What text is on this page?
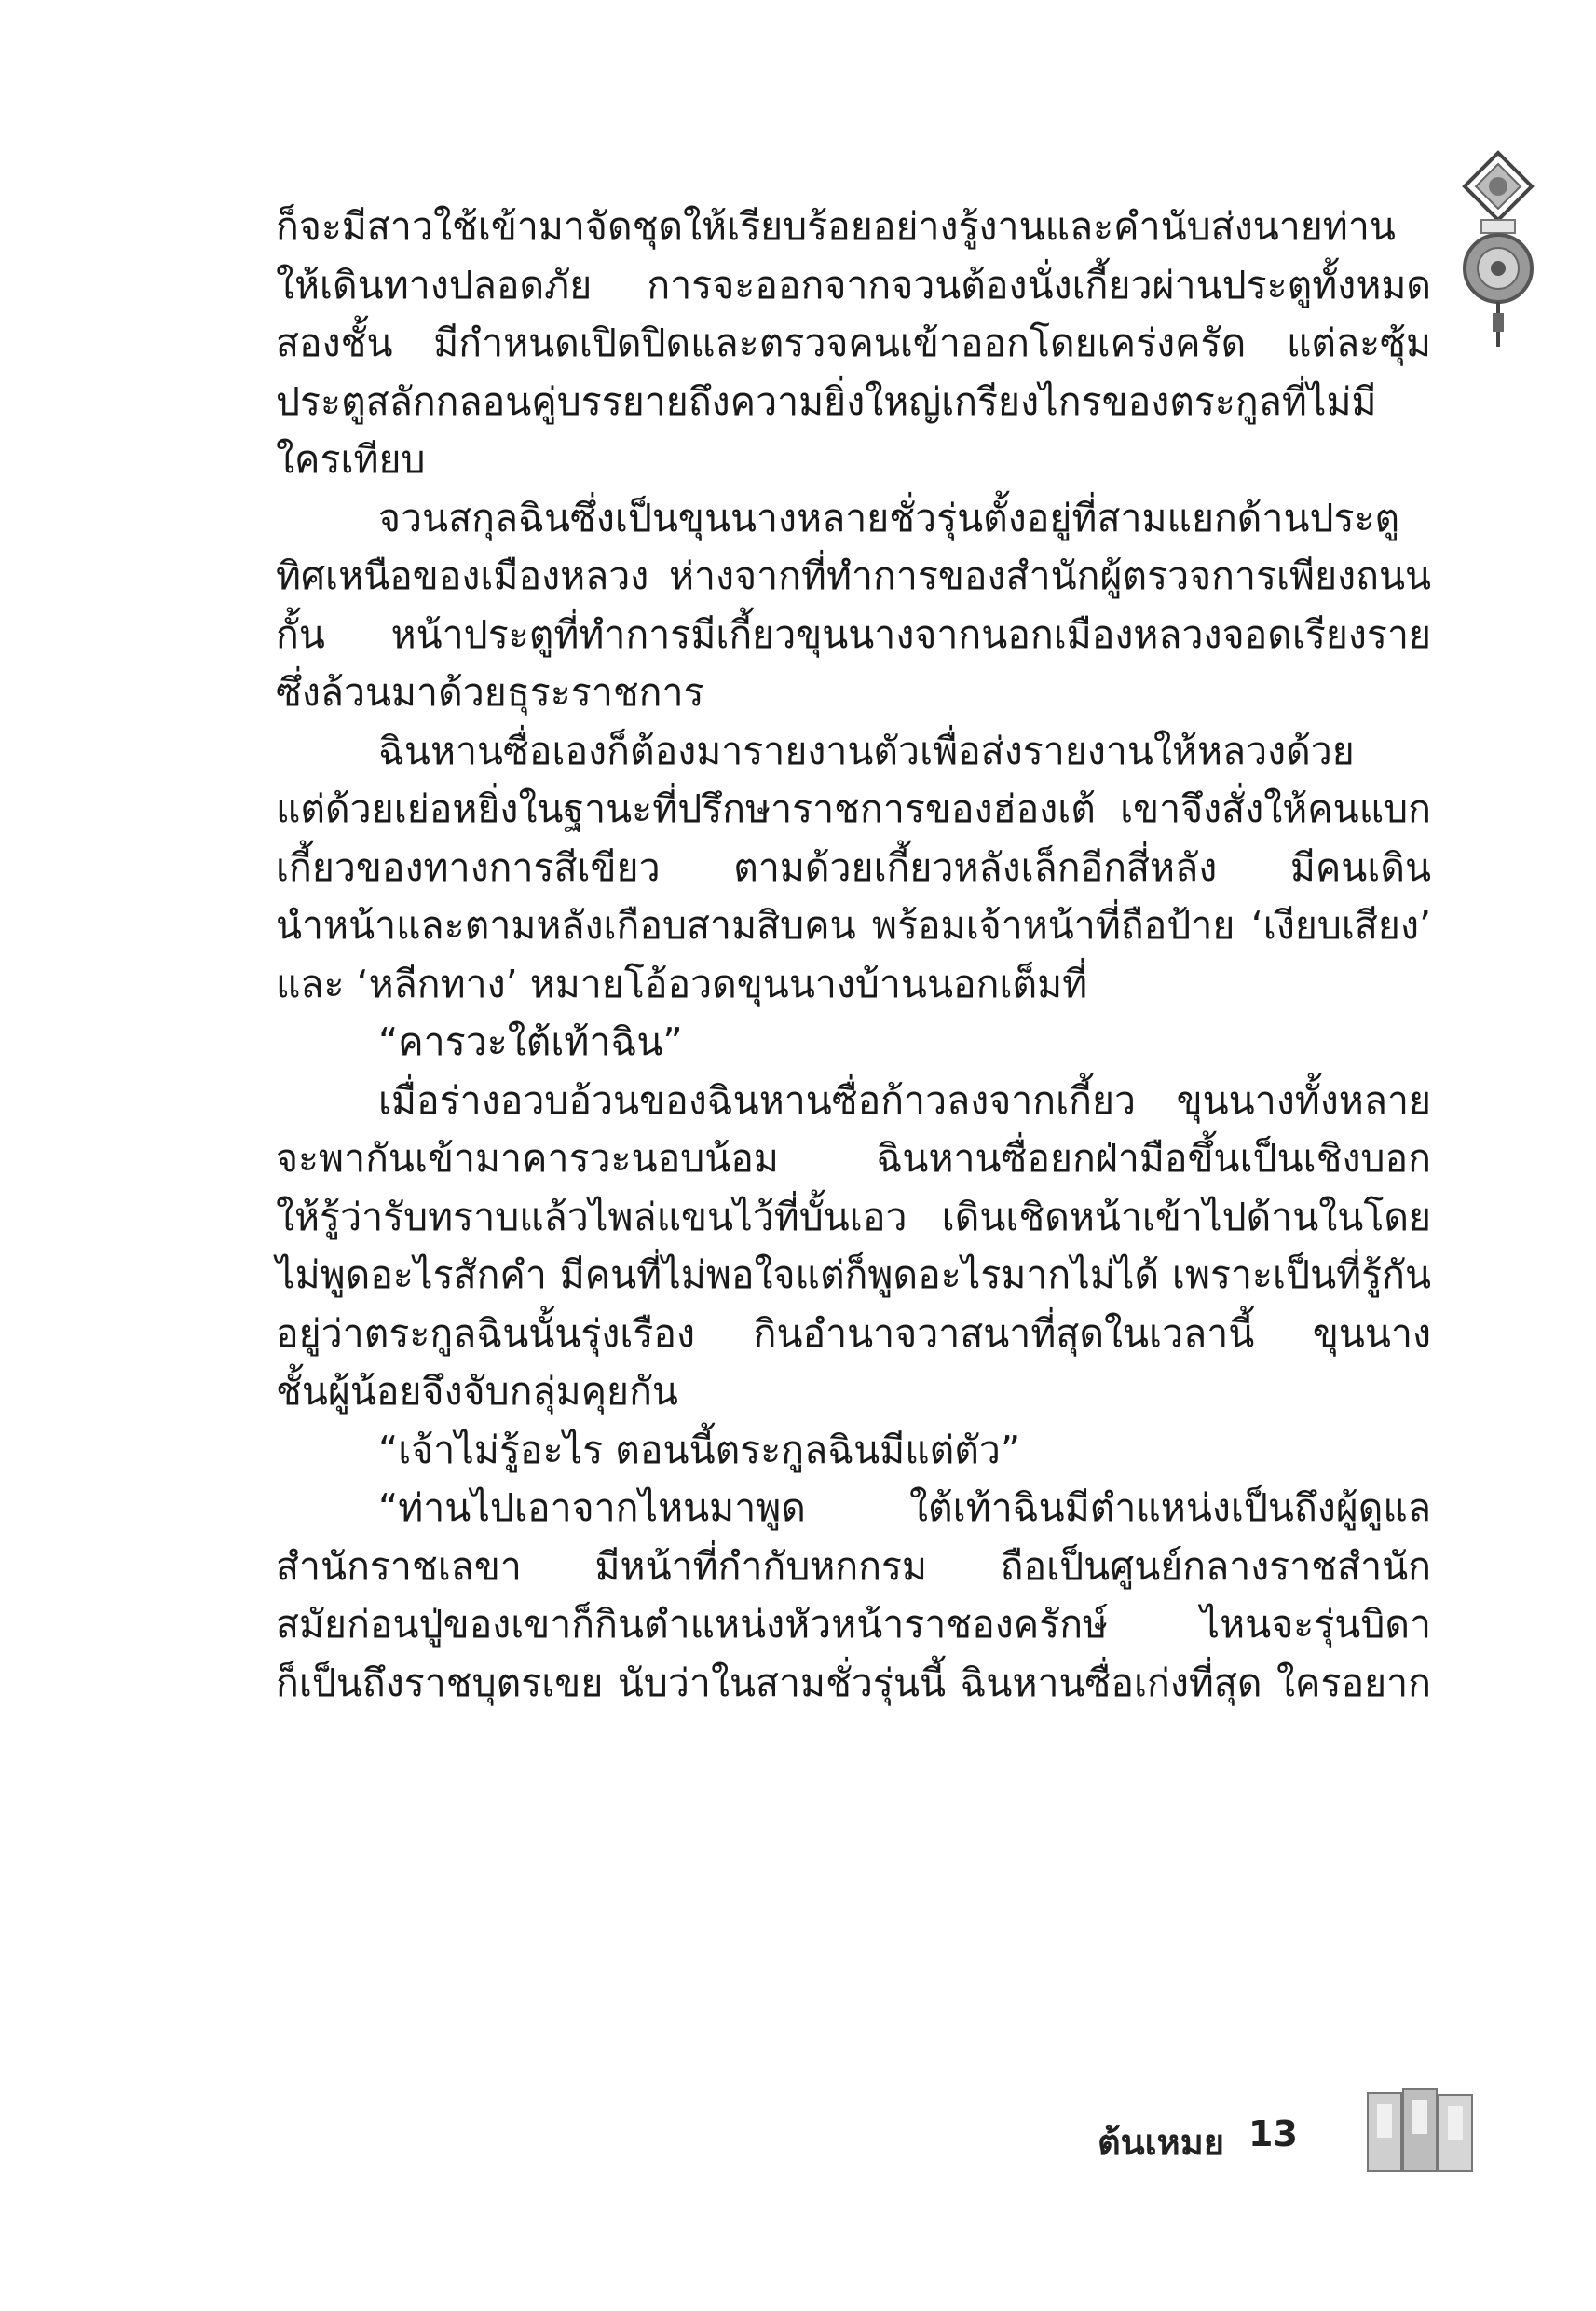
ก็จะมีสาวใช้เข้ามาจัดชุดให้เรียบร้อยอย่างรู้งานและคำนับส่งนายท่าน
ให้เดินทางปลอดภัย การจะออกจากจวนต้องนั่งเกี้ยวผ่านประตูทั้งหมด
สองชั้น มีกำหนดเปิดปิดและตรวจคนเข้าออกโดยเคร่งครัด แต่ละซุ้ม
ประตูสลักกลอนคู่บรรยายถึงความยิ่งใหญ่เกรียงไกรของตระกูลที่ไม่มี
ใครเทียบ
จวนสกุลฉินซึ่งเป็นขุนนางหลายชั่วรุ่นตั้งอยู่ที่สามแยกด้านประตู
ทิศเหนือของเมืองหลวง ห่างจากที่ทำการของสำนักผู้ตรวจการเพียงถนน
กั้น หน้าประตูที่ทำการมีเกี้ยวขุนนางจากนอกเมืองหลวงจอดเรียงราย
ซึ่งล้วนมาด้วยธุระราชการ
ฉินหานซื่อเองก็ต้องมารายงานตัวเพื่อส่งรายงานให้หลวงด้วย
แต่ด้วยเย่อหยิ่งในฐานะที่ปรึกษาราชการของฮ่องเต้ เขาจึงสั่งให้คนแบก
เกี้ยวของทางการสีเขียว ตามด้วยเกี้ยวหลังเล็กอีกสี่หลัง มีคนเดิน
นำหน้าและตามหลังเกือบสามสิบคน พร้อมเจ้าหน้าที่ถือป้าย ‘เงียบเสียง’
และ ‘หลีกทาง’ หมายโอ้อวดขุนนางบ้านนอกเต็มที่
“คารวะใต้เท้าฉิน”
เมื่อร่างอวบอ้วนของฉินหานซื่อก้าวลงจากเกี้ยว ขุนนางทั้งหลาย
จะพากันเข้ามาคารวะนอบน้อม ฉินหานซื่อยกฝ่ามือขึ้นเป็นเชิงบอก
ให้รู้ว่ารับทราบแล้วไพล่แขนไว้ที่บั้นเอว เดินเชิดหน้าเข้าไปด้านในโดย
ไม่พูดอะไรสักคำ มีคนที่ไม่พอใจแต่ก็พูดอะไรมากไม่ได้ เพราะเป็นที่รู้กัน
อยู่ว่าตระกูลฉินนั้นรุ่งเรือง กินอำนาจวาสนาที่สุดในเวลานี้ ขุนนาง
ชั้นผู้น้อยจึงจับกลุ่มคุยกัน
“เจ้าไม่รู้อะไร ตอนนี้ตระกูลฉินมีแต่ตัว”
“ท่านไปเอาจากไหนมาพูด ใต้เท้าฉินมีตำแหน่งเป็นถึงผู้ดูแล
สำนักราชเลขา มีหน้าที่กำกับหกกรม ถือเป็นศูนย์กลางราชสำนัก
สมัยก่อนปู่ของเขาก็กินตำแหน่งหัวหน้าราชองครักษ์ ไหนจะรุ่นบิดา
ก็เป็นถึงราชบุตรเขย นับว่าในสามชั่วรุ่นนี้ ฉินหานซื่อเก่งที่สุด ใครอยาก
ต้นเหมย 13
